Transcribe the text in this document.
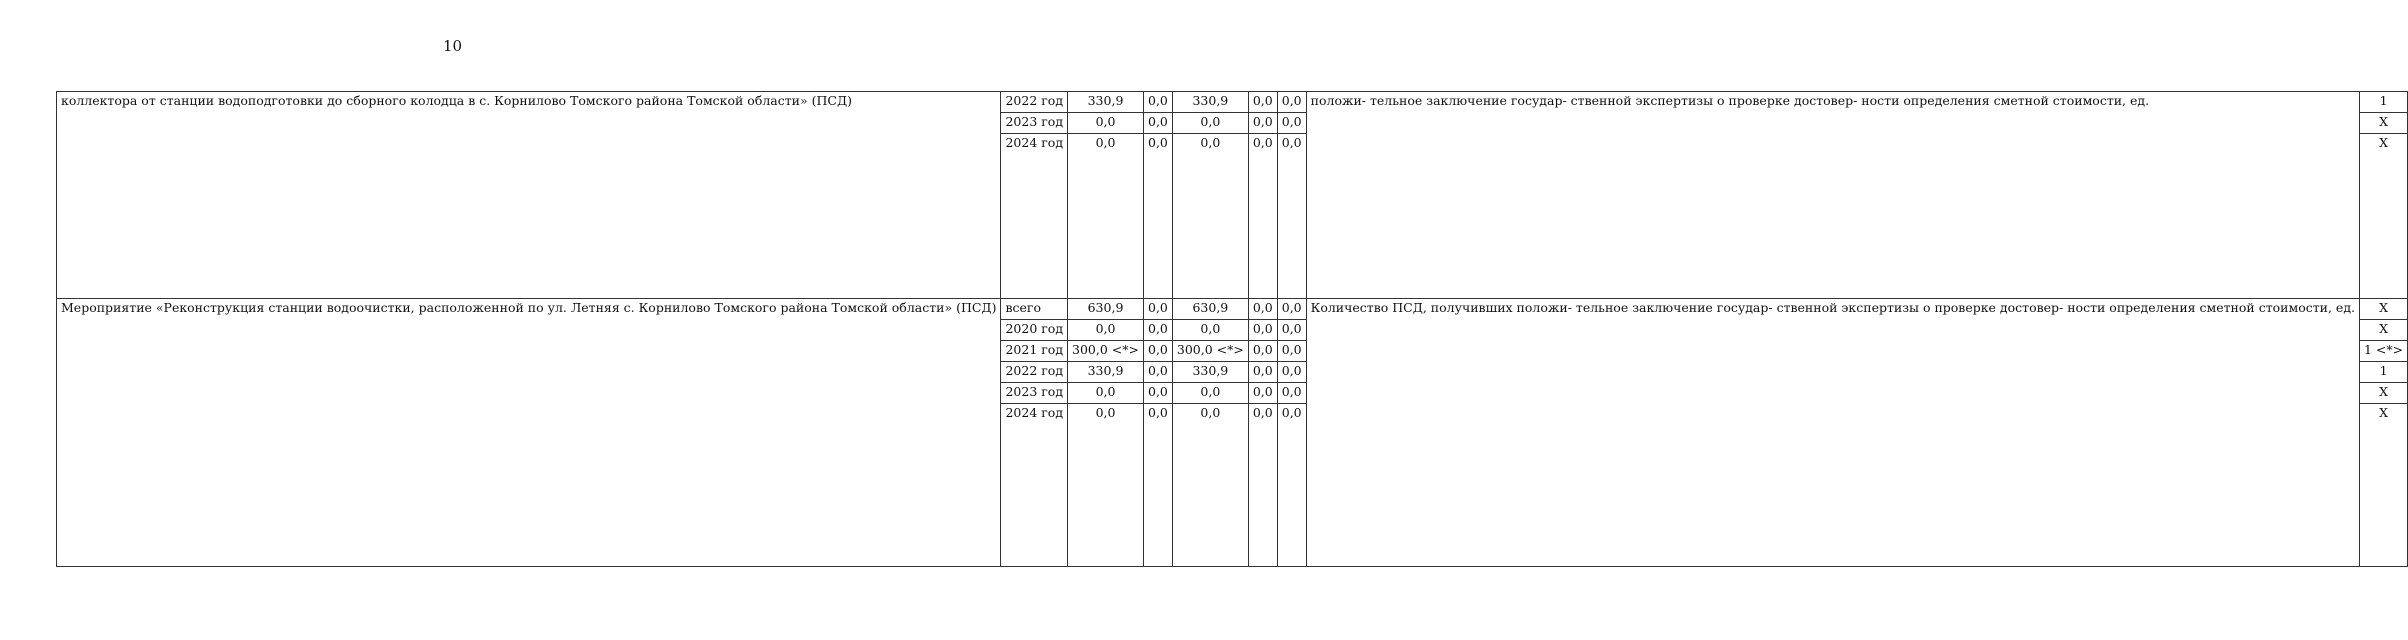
10
коллектора от станции водоподготовки до сборного колодца в с. Корнилово Томского района Томской области» (ПСД)	2022 год	330,9	0,0	330,9	0,0	0,0	положи- тельное заключение государ- ственной экспертизы о проверке достовер- ности определения сметной стоимости, ед.	1
	2023 год	0,0	0,0	0,0	0,0	0,0		Х
	2024 год	0,0	0,0	0,0	0,0	0,0		Х

Мероприятие «Реконструкция станции водоочистки, расположенной по ул. Летняя с. Корнилово Томского района Томской области» (ПСД)	всего	630,9	0,0	630,9	0,0	0,0	Количество ПСД, получивших положи- тельное заключение государ- ственной экспертизы о проверке достовер- ности определения сметной стоимости, ед.	Х
	2020 год	0,0	0,0	0,0	0,0	0,0		Х
	2021 год	300,0 <*>	0,0	300,0 <*>	0,0	0,0		1 <*>
	2022 год	330,9	0,0	330,9	0,0	0,0		1
	2023 год	0,0	0,0	0,0	0,0	0,0		Х
	2024 год	0,0	0,0	0,0	0,0	0,0		Х
